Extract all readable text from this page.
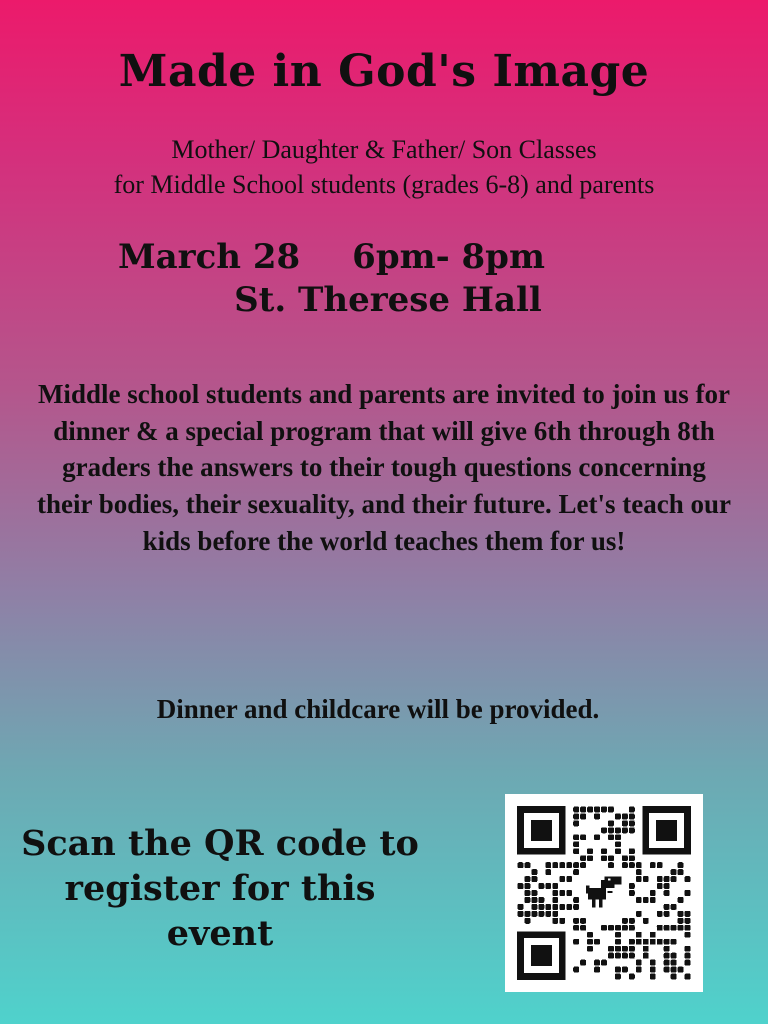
Made in God's Image
Mother/ Daughter & Father/ Son Classes
for Middle School students (grades 6-8) and parents
March 28 6pm- 8pm
St. Therese Hall
Middle school students and parents are invited to join us for dinner & a special program that will give 6th through 8th graders the answers to their tough questions concerning their bodies, their sexuality, and their future. Let's teach our kids before the world teaches them for us!
Dinner and childcare will be provided.
Scan the QR code to register for this event
